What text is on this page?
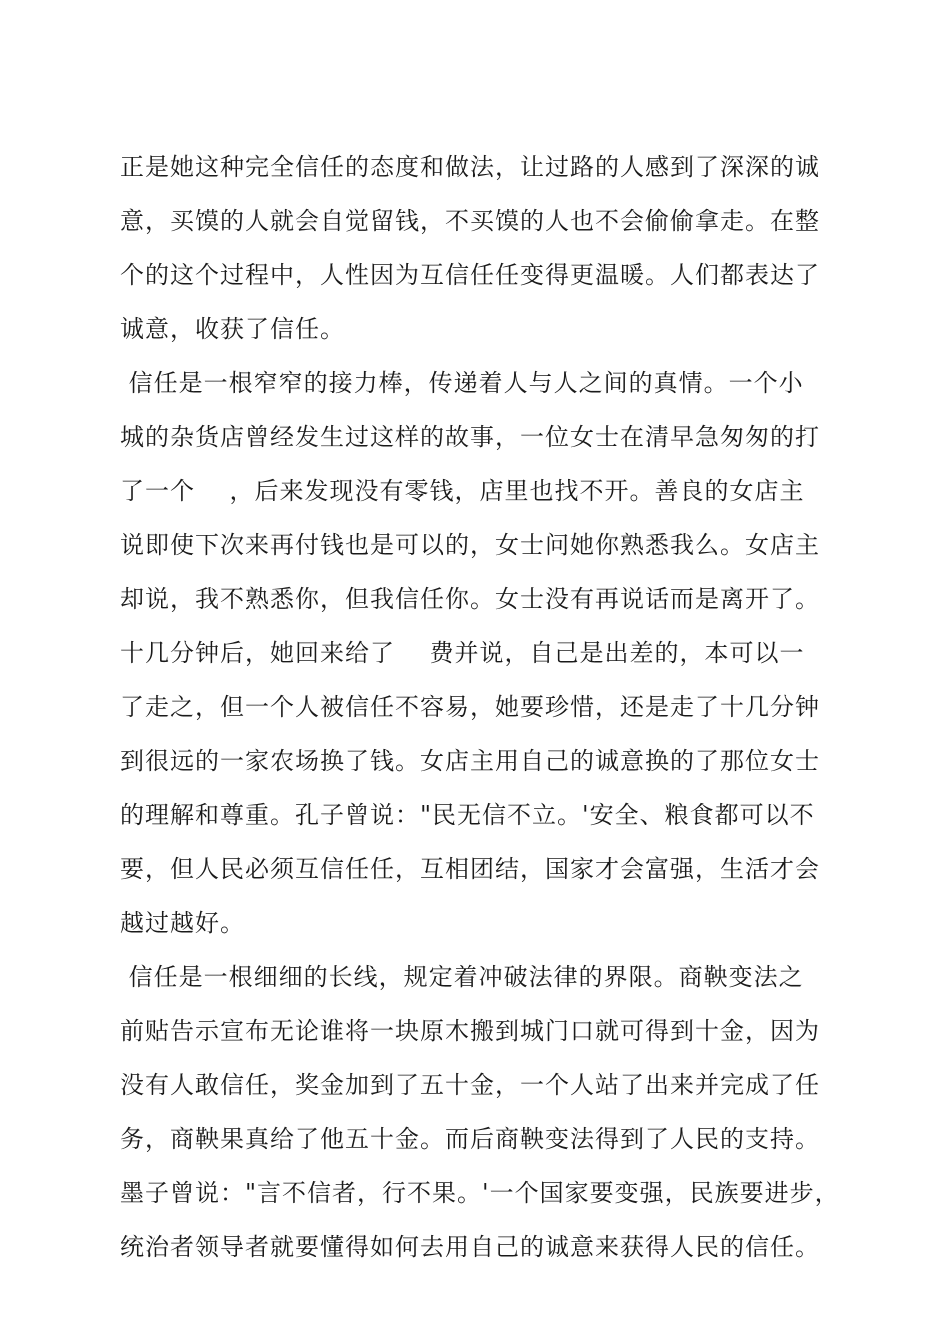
正是她这种完全信任的态度和做法，让过路的人感到了深深的诚
意，买馍的人就会自觉留钱，不买馍的人也不会偷偷拿走。在整
个的这个过程中，人性因为互信任任变得更温暖。人们都表达了
诚意，收获了信任。
信任是一根窄窄的接力棒，传递着人与人之间的真情。一个小
城的杂货店曾经发生过这样的故事，一位女士在清早急匆匆的打
了一个    ，后来发现没有零钱，店里也找不开。善良的女店主
说即使下次来再付钱也是可以的，女士问她你熟悉我么。女店主
却说，我不熟悉你，但我信任你。女士没有再说话而是离开了。
十几分钟后，她回来给了    费并说，自己是出差的，本可以一
了走之，但一个人被信任不容易，她要珍惜，还是走了十几分钟
到很远的一家农场换了钱。女店主用自己的诚意换的了那位女士
的理解和尊重。孔子曾说："民无信不立。'安全、粮食都可以不
要，但人民必须互信任任，互相团结，国家才会富强，生活才会
越过越好。
信任是一根细细的长线，规定着冲破法律的界限。商鞅变法之
前贴告示宣布无论谁将一块原木搬到城门口就可得到十金，因为
没有人敢信任，奖金加到了五十金，一个人站了出来并完成了任
务，商鞅果真给了他五十金。而后商鞅变法得到了人民的支持。
墨子曾说："言不信者，行不果。'一个国家要变强，民族要进步，
统治者领导者就要懂得如何去用自己的诚意来获得人民的信任。
